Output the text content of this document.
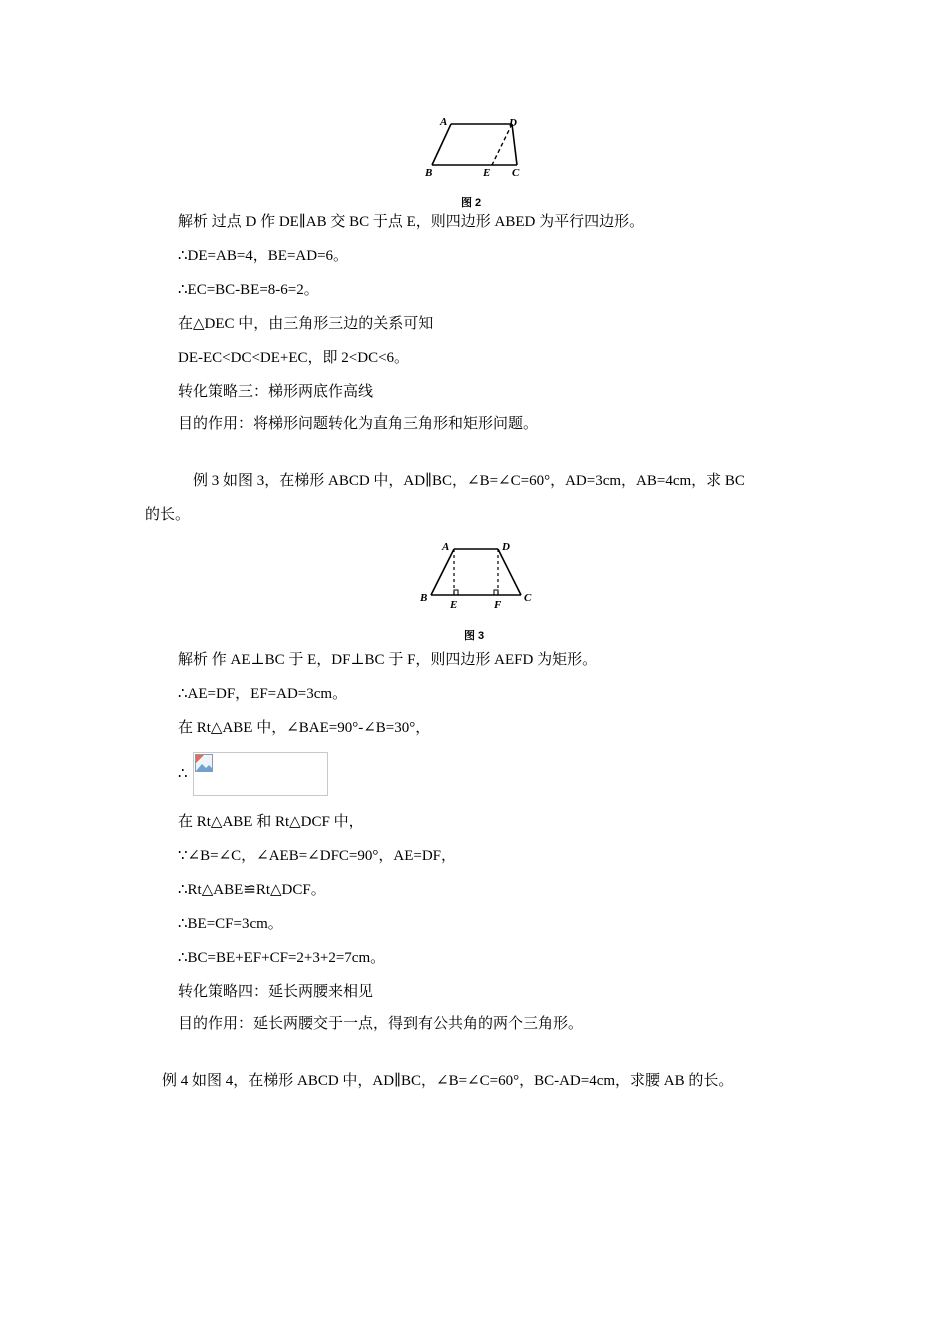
A	D
B	E C
图 2
解析 过点 D 作 DE∥AB 交 BC 于点 E，则四边形 ABED 为平行四边形。
∴DE=AB=4，BE=AD=6。
∴EC=BC-BE=8-6=2。
在△DEC 中，由三角形三边的关系可知
DE-EC<DC<DE+EC，即 2<DC<6。
转化策略三：梯形两底作高线
目的作用：将梯形问题转化为直角三角形和矩形问题。
例 3 如图 3，在梯形 ABCD 中，AD∥BC，∠B=∠C=60°，AD=3cm，AB=4cm，求 BC
的长。
A	D
B
E	F
C
图 3
解析 作 AE⊥BC 于 E，DF⊥BC 于 F，则四边形 AEFD 为矩形。
∴AE=DF，EF=AD=3cm。
在 Rt△ABE 中，∠BAE=90°-∠B=30°，
∴
在 Rt△ABE 和 Rt△DCF 中，
∵∠B=∠C，∠AEB=∠DFC=90°，AE=DF，
∴Rt△ABE≌Rt△DCF。
∴BE=CF=3cm。
∴BC=BE+EF+CF=2+3+2=7cm。
转化策略四：延长两腰来相见
目的作用：延长两腰交于一点，得到有公共角的两个三角形。
例 4 如图 4，在梯形 ABCD 中，AD∥BC，∠B=∠C=60°，BC-AD=4cm，求腰 AB 的长。
